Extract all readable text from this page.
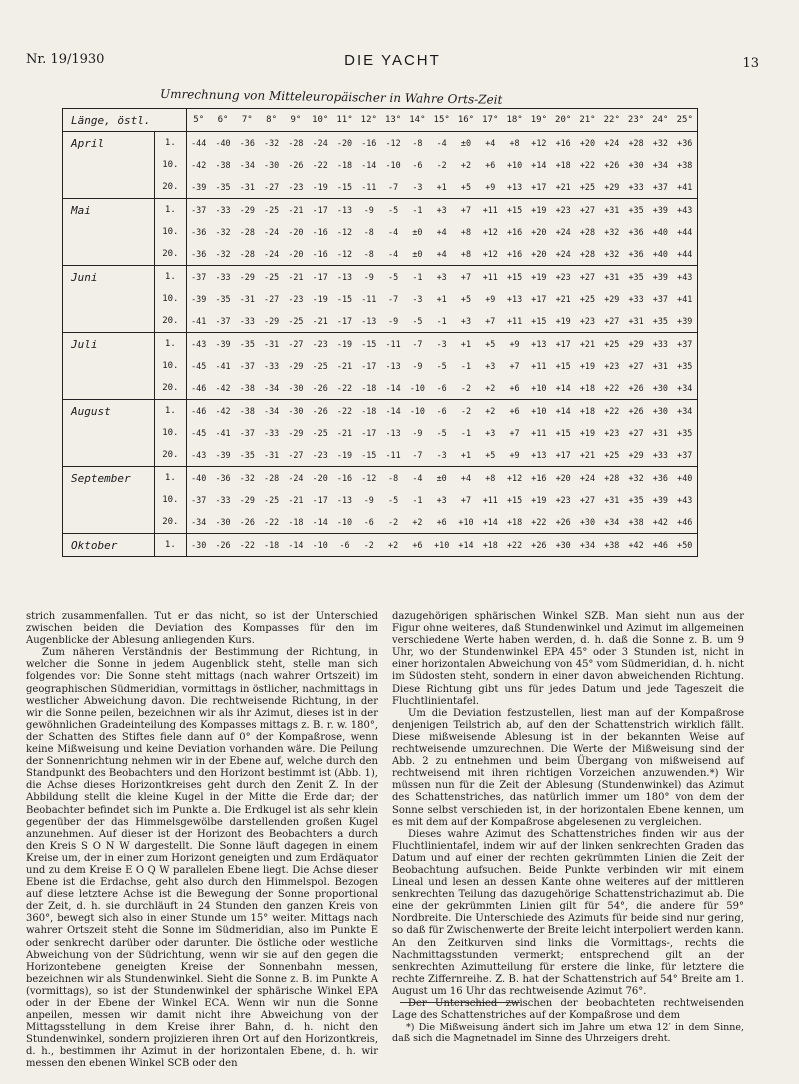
Nr. 19/1930	DIE YACHT	13
Umrechnung von Mitteleuropäischer in Wahre Orts-Zeit
Länge, östl.		5°	6°	7°	8°	9°	10°	11°	12°	13°	14°	15°	16°	17°	18°	19°	20°	21°	22°	23°	24°	25°
April	1.	-44	-40	-36	-32	-28	-24	-20	-16	-12	-8	-4	±0	+4	+8	+12	+16	+20	+24	+28	+32	+36
	10.	-42	-38	-34	-30	-26	-22	-18	-14	-10	-6	-2	+2	+6	+10	+14	+18	+22	+26	+30	+34	+38
	20.	-39	-35	-31	-27	-23	-19	-15	-11	-7	-3	+1	+5	+9	+13	+17	+21	+25	+29	+33	+37	+41
Mai	1.	-37	-33	-29	-25	-21	-17	-13	-9	-5	-1	+3	+7	+11	+15	+19	+23	+27	+31	+35	+39	+43
	10.	-36	-32	-28	-24	-20	-16	-12	-8	-4	±0	+4	+8	+12	+16	+20	+24	+28	+32	+36	+40	+44
	20.	-36	-32	-28	-24	-20	-16	-12	-8	-4	±0	+4	+8	+12	+16	+20	+24	+28	+32	+36	+40	+44
Juni	1.	-37	-33	-29	-25	-21	-17	-13	-9	-5	-1	+3	+7	+11	+15	+19	+23	+27	+31	+35	+39	+43
	10.	-39	-35	-31	-27	-23	-19	-15	-11	-7	-3	+1	+5	+9	+13	+17	+21	+25	+29	+33	+37	+41
	20.	-41	-37	-33	-29	-25	-21	-17	-13	-9	-5	-1	+3	+7	+11	+15	+19	+23	+27	+31	+35	+39
Juli	1.	-43	-39	-35	-31	-27	-23	-19	-15	-11	-7	-3	+1	+5	+9	+13	+17	+21	+25	+29	+33	+37
	10.	-45	-41	-37	-33	-29	-25	-21	-17	-13	-9	-5	-1	+3	+7	+11	+15	+19	+23	+27	+31	+35
	20.	-46	-42	-38	-34	-30	-26	-22	-18	-14	-10	-6	-2	+2	+6	+10	+14	+18	+22	+26	+30	+34
August	1.	-46	-42	-38	-34	-30	-26	-22	-18	-14	-10	-6	-2	+2	+6	+10	+14	+18	+22	+26	+30	+34
	10.	-45	-41	-37	-33	-29	-25	-21	-17	-13	-9	-5	-1	+3	+7	+11	+15	+19	+23	+27	+31	+35
	20.	-43	-39	-35	-31	-27	-23	-19	-15	-11	-7	-3	+1	+5	+9	+13	+17	+21	+25	+29	+33	+37
September	1.	-40	-36	-32	-28	-24	-20	-16	-12	-8	-4	±0	+4	+8	+12	+16	+20	+24	+28	+32	+36	+40
	10.	-37	-33	-29	-25	-21	-17	-13	-9	-5	-1	+3	+7	+11	+15	+19	+23	+27	+31	+35	+39	+43
	20.	-34	-30	-26	-22	-18	-14	-10	-6	-2	+2	+6	+10	+14	+18	+22	+26	+30	+34	+38	+42	+46
Oktober	1.	-30	-26	-22	-18	-14	-10	-6	-2	+2	+6	+10	+14	+18	+22	+26	+30	+34	+38	+42	+46	+50

strich zusammenfallen. Tut er das nicht, so ist der Unterschied zwischen beiden die Deviation des Kompasses für den im Augenblicke der Ablesung anliegenden Kurs.

Zum näheren Verständnis der Bestimmung der Richtung, in welcher die Sonne in jedem Augenblick steht, stelle man sich folgendes vor: Die Sonne steht mittags (nach wahrer Ortszeit) im geographischen Südmeridian, vormittags in östlicher, nachmittags in westlicher Abweichung davon. Die rechtweisende Richtung, in der wir die Sonne peilen, bezeichnen wir als ihr Azimut, dieses ist in der gewöhnlichen Gradeinteilung des Kompasses mittags z. B. r. w. 180°, der Schatten des Stiftes fiele dann auf 0° der Kompaßrose, wenn keine Mißweisung und keine Deviation vorhanden wäre. Die Peilung der Sonnenrichtung nehmen wir in der Ebene auf, welche durch den Standpunkt des Beobachters und den Horizont bestimmt ist (Abb. 1), die Achse dieses Horizontkreises geht durch den Zenit Z. In der Abbildung stellt die kleine Kugel in der Mitte die Erde dar; der Beobachter befindet sich im Punkte a. Die Erdkugel ist als sehr klein gegenüber der das Himmelsgewölbe darstellenden großen Kugel anzunehmen. Auf dieser ist der Horizont des Beobachters a durch den Kreis S O N W dargestellt. Die Sonne läuft dagegen in einem Kreise um, der in einer zum Horizont geneigten und zum Erdäquator und zu dem Kreise E O Q W parallelen Ebene liegt. Die Achse dieser Ebene ist die Erdachse, geht also durch den Himmelspol. Bezogen auf diese letztere Achse ist die Bewegung der Sonne proportional der Zeit, d. h. sie durchläuft in 24 Stunden den ganzen Kreis von 360°, bewegt sich also in einer Stunde um 15° weiter. Mittags nach wahrer Ortszeit steht die Sonne im Südmeridian, also im Punkte E oder senkrecht darüber oder darunter. Die östliche oder westliche Abweichung von der Südrichtung, wenn wir sie auf den gegen die Horizontebene geneigten Kreise der Sonnenbahn messen, bezeichnen wir als Stundenwinkel. Sieht die Sonne z. B. im Punkte A (vormittags), so ist der Stundenwinkel der sphärische Winkel EPA oder in der Ebene der Winkel ECA. Wenn wir nun die Sonne anpeilen, messen wir damit nicht ihre Abweichung von der Mittagsstellung in dem Kreise ihrer Bahn, d. h. nicht den Stundenwinkel, sondern projizieren ihren Ort auf den Horizontkreis, d. h., bestimmen ihr Azimut in der horizontalen Ebene, d. h. wir messen den ebenen Winkel SCB oder den

dazugehörigen sphärischen Winkel SZB. Man sieht nun aus der Figur ohne weiteres, daß Stundenwinkel und Azimut im allgemeinen verschiedene Werte haben werden, d. h. daß die Sonne z. B. um 9 Uhr, wo der Stundenwinkel EPA 45° oder 3 Stunden ist, nicht in einer horizontalen Abweichung von 45° vom Südmeridian, d. h. nicht im Südosten steht, sondern in einer davon abweichenden Richtung. Diese Richtung gibt uns für jedes Datum und jede Tageszeit die Fluchtlinientafel.

Um die Deviation festzustellen, liest man auf der Kompaßrose denjenigen Teilstrich ab, auf den der Schattenstrich wirklich fällt. Diese mißweisende Ablesung ist in der bekannten Weise auf rechtweisende umzurechnen. Die Werte der Mißweisung sind der Abb. 2 zu entnehmen und beim Übergang von mißweisend auf rechtweisend mit ihren richtigen Vorzeichen anzuwenden.*) Wir müssen nun für die Zeit der Ablesung (Stundenwinkel) das Azimut des Schattenstriches, das natürlich immer um 180° von dem der Sonne selbst verschieden ist, in der horizontalen Ebene kennen, um es mit dem auf der Kompaßrose abgelesenen zu vergleichen.

Dieses wahre Azimut des Schattenstriches finden wir aus der Fluchtlinientafel, indem wir auf der linken senkrechten Graden das Datum und auf einer der rechten gekrümmten Linien die Zeit der Beobachtung aufsuchen. Beide Punkte verbinden wir mit einem Lineal und lesen an dessen Kante ohne weiteres auf der mittleren senkrechten Teilung das dazugehörige Schattenstrichazimut ab. Die eine der gekrümmten Linien gilt für 54°, die andere für 59° Nordbreite. Die Unterschiede des Azimuts für beide sind nur gering, so daß für Zwischenwerte der Breite leicht interpoliert werden kann. An den Zeitkurven sind links die Vormittags-, rechts die Nachmittagsstunden vermerkt; entsprechend gilt an der senkrechten Azimutteilung für erstere die linke, für letztere die rechte Ziffernreihe. Z. B. hat der Schattenstrich auf 54° Breite am 1. August um 16 Uhr das rechtweisende Azimut 76°.

Der Unterschied zwischen der beobachteten rechtweisenden Lage des Schattenstriches auf der Kompaßrose und dem

*) Die Mißweisung ändert sich im Jahre um etwa 12′ in dem Sinne, daß sich die Magnetnadel im Sinne des Uhrzeigers dreht.
